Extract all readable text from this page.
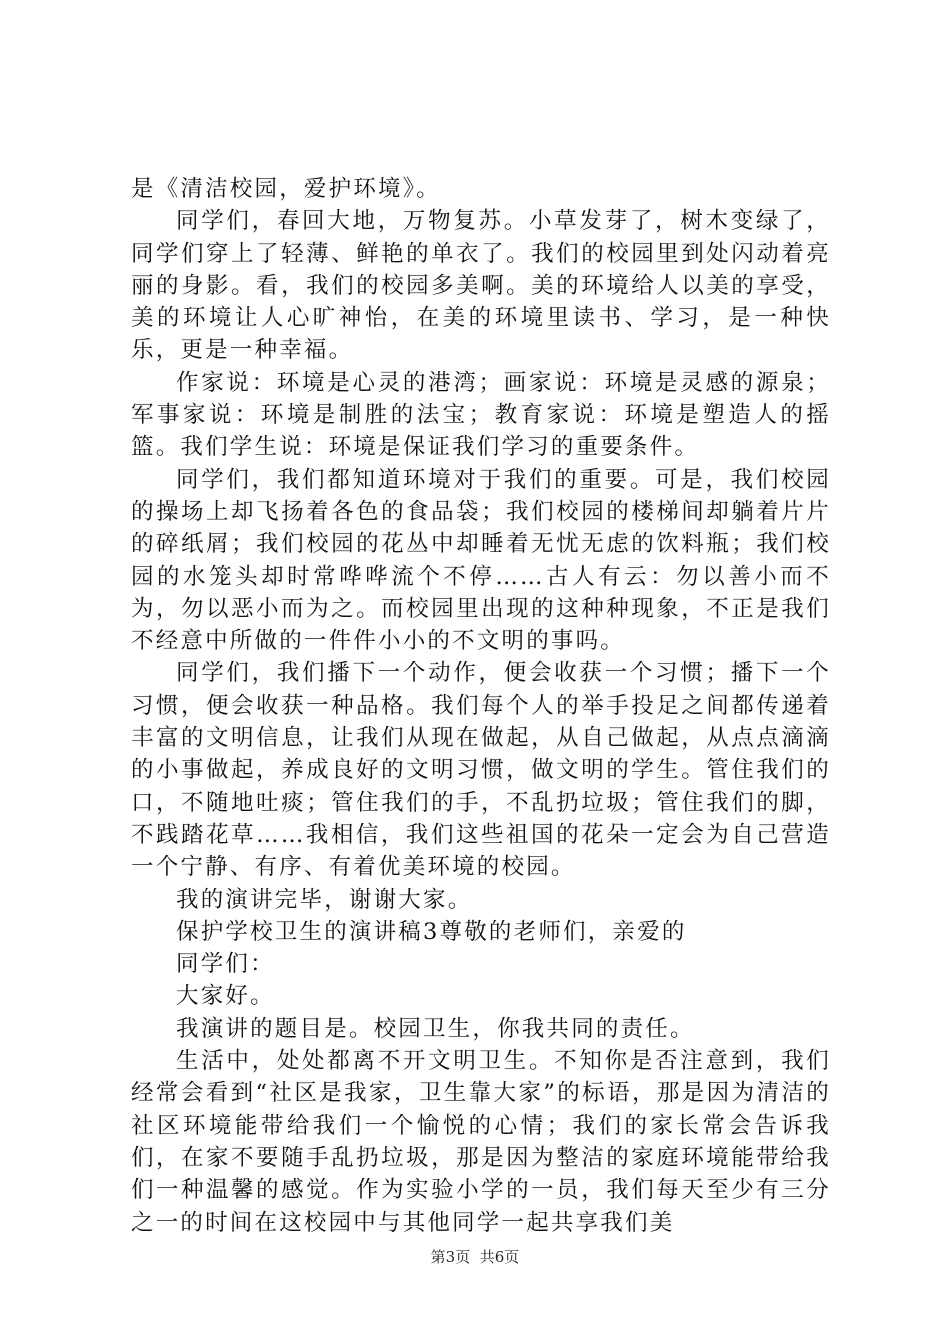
是《清洁校园，爱护环境》。

同学们，春回大地，万物复苏。小草发芽了，树木变绿了，同学们穿上了轻薄、鲜艳的单衣了。我们的校园里到处闪动着亮丽的身影。看，我们的校园多美啊。美的环境给人以美的享受，美的环境让人心旷神怡，在美的环境里读书、学习，是一种快乐，更是一种幸福。

作家说：环境是心灵的港湾；画家说：环境是灵感的源泉；军事家说：环境是制胜的法宝；教育家说：环境是塑造人的摇篮。我们学生说：环境是保证我们学习的重要条件。

同学们，我们都知道环境对于我们的重要。可是，我们校园的操场上却飞扬着各色的食品袋；我们校园的楼梯间却躺着片片的碎纸屑；我们校园的花丛中却睡着无忧无虑的饮料瓶；我们校园的水笼头却时常哗哗流个不停……古人有云：勿以善小而不为，勿以恶小而为之。而校园里出现的这种种现象，不正是我们不经意中所做的一件件小小的不文明的事吗。

同学们，我们播下一个动作，便会收获一个习惯；播下一个习惯，便会收获一种品格。我们每个人的举手投足之间都传递着丰富的文明信息，让我们从现在做起，从自己做起，从点点滴滴的小事做起，养成良好的文明习惯，做文明的学生。管住我们的口，不随地吐痰；管住我们的手，不乱扔垃圾；管住我们的脚，不践踏花草……我相信，我们这些祖国的花朵一定会为自己营造一个宁静、有序、有着优美环境的校园。

我的演讲完毕，谢谢大家。

保护学校卫生的演讲稿3尊敬的老师们，亲爱的

同学们：

大家好。

我演讲的题目是。校园卫生，你我共同的责任。

生活中，处处都离不开文明卫生。不知你是否注意到，我们经常会看到“社区是我家，卫生靠大家”的标语，那是因为清洁的社区环境能带给我们一个愉悦的心情；我们的家长常会告诉我们，在家不要随手乱扔垃圾，那是因为整洁的家庭环境能带给我们一种温馨的感觉。作为实验小学的一员，我们每天至少有三分之一的时间在这校园中与其他同学一起共享我们美

第3页 共6页
